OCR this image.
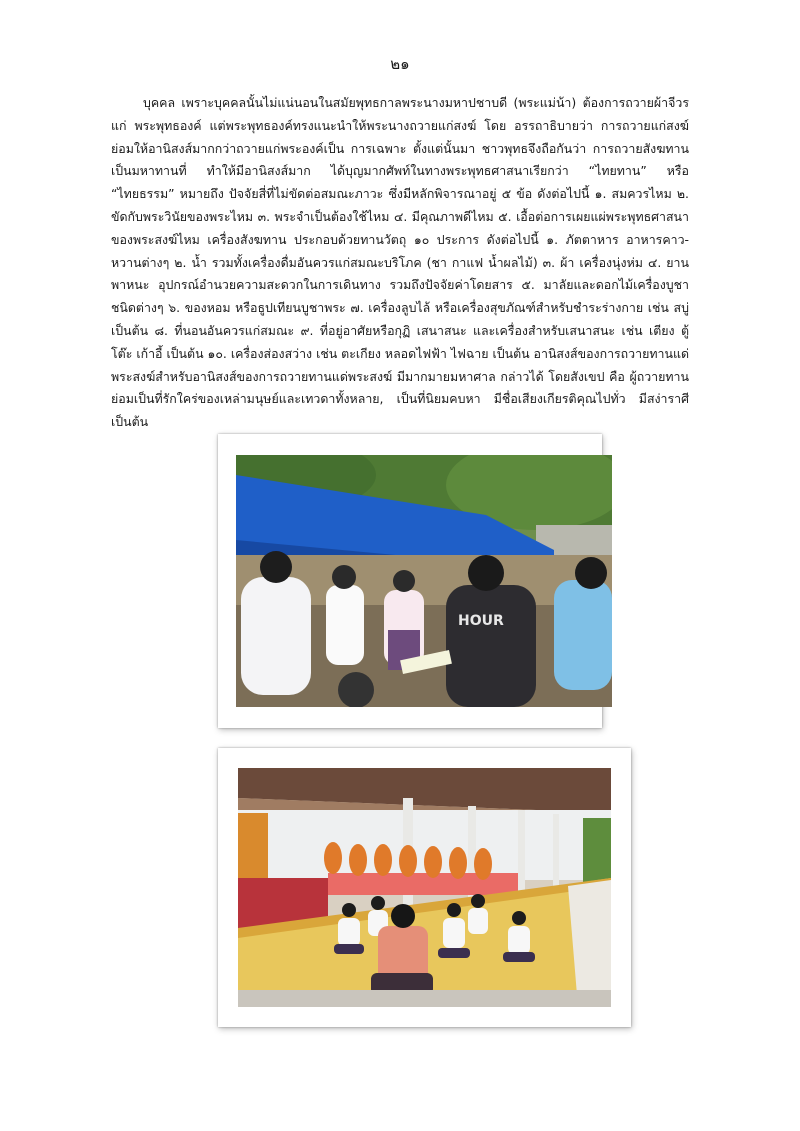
๒๑
บุคคล เพราะบุคคลนั้นไม่แน่นอนในสมัยพุทธกาลพระนางมหาปชาบดี (พระแม่น้า) ต้องการถวายผ้าจีวรแก่ พระพุทธองค์ แต่พระพุทธองค์ทรงแนะนำให้พระนางถวายแก่สงฆ์ โดย อรรถาธิบายว่า การถวายแก่สงฆ์ย่อมให้อานิสงส์มากกว่าถวายแก่พระองค์เป็น การเฉพาะ ตั้งแต่นั้นมา ชาวพุทธจึงถือกันว่า การถวายสังฆทานเป็นมหาทานที่ ทำให้มีอานิสงส์มาก ได้บุญมากศัพท์ในทางพระพุทธศาสนาเรียกว่า “ไทยทาน” หรือ “ไทยธรรม” หมายถึง ปัจจัยสี่ที่ไม่ขัดต่อสมณะภาวะ ซึ่งมีหลักพิจารณาอยู่ ๕ ข้อ ดังต่อไปนี้ ๑. สมควรไหม ๒. ขัดกับพระวินัยของพระไหม ๓. พระจำเป็นต้องใช้ไหม ๔. มีคุณภาพดีไหม ๕. เอื้อต่อการเผยแผ่พระพุทธศาสนาของพระสงฆ์ไหม เครื่องสังฆทาน ประกอบด้วยทานวัตถุ ๑๐ ประการ ดังต่อไปนี้ ๑. ภัตตาหาร อาหารคาว-หวานต่างๆ ๒. น้ำ รวมทั้งเครื่องดื่มอันควรแก่สมณะบริโภค (ชา กาแฟ น้ำผลไม้) ๓. ผ้า เครื่องนุ่งห่ม ๔. ยานพาหนะ อุปกรณ์อำนวยความสะดวกในการเดินทาง รวมถึงปัจจัยค่าโดยสาร ๕. มาลัยและดอกไม้เครื่องบูชาชนิดต่างๆ ๖. ของหอม หรือธูปเทียนบูชาพระ ๗. เครื่องลูบไล้ หรือเครื่องสุขภัณฑ์สำหรับชำระร่างกาย เช่น สบู่ เป็นต้น ๘. ที่นอนอันควรแก่สมณะ ๙. ที่อยู่อาศัยหรือกุฏิ เสนาสนะ และเครื่องสำหรับเสนาสนะ เช่น เตียง ตู้ โต๊ะ เก้าอี้ เป็นต้น ๑๐. เครื่องส่องสว่าง เช่น ตะเกียง หลอดไฟฟ้า ไฟฉาย เป็นต้น อานิสงส์ของการถวายทานแด่พระสงฆ์สำหรับอานิสงส์ของการถวายทานแด่พระสงฆ์ มีมากมายมหาศาล กล่าวได้ โดยสังเขป คือ ผู้ถวายทานย่อมเป็นที่รักใคร่ของเหล่ามนุษย์และเทวดาทั้งหลาย, เป็นที่นิยมคบหา มีชื่อเสียงเกียรติคุณไปทั่ว มีสง่าราศี เป็นต้น
HOUR
